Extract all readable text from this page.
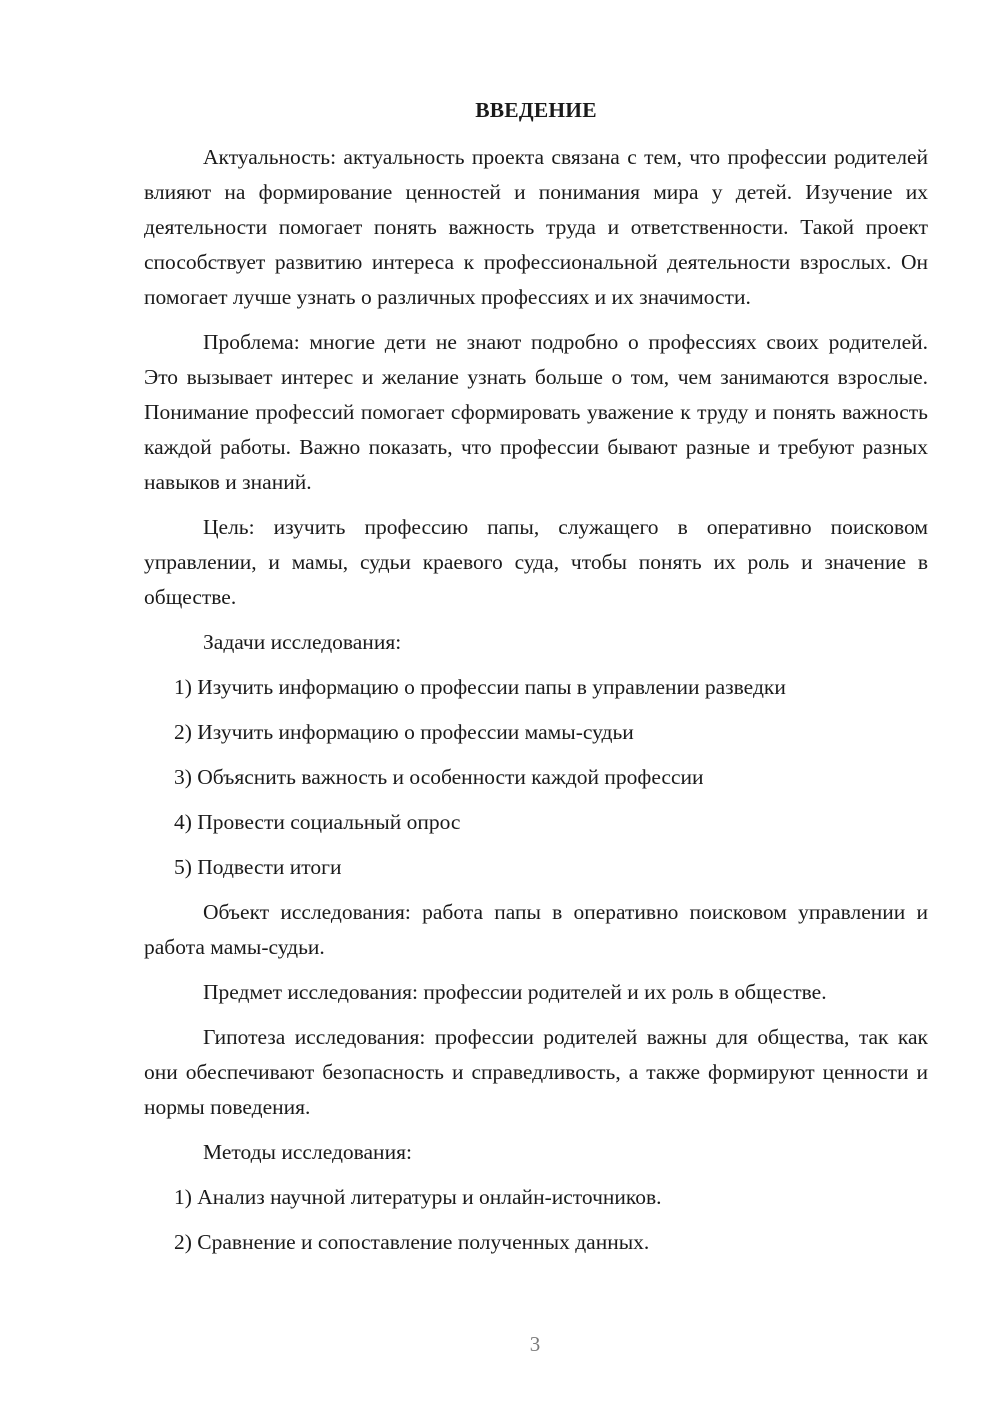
ВВЕДЕНИЕ

Актуальность: актуальность проекта связана с тем, что профессии родителей влияют на формирование ценностей и понимания мира у детей. Изучение их деятельности помогает понять важность труда и ответственности. Такой проект способствует развитию интереса к профессиональной деятельности взрослых. Он помогает лучше узнать о различных профессиях и их значимости.

Проблема: многие дети не знают подробно о профессиях своих родителей. Это вызывает интерес и желание узнать больше о том, чем занимаются взрослые. Понимание профессий помогает сформировать уважение к труду и понять важность каждой работы. Важно показать, что профессии бывают разные и требуют разных навыков и знаний.

Цель: изучить профессию папы, служащего в оперативно поисковом управлении, и мамы, судьи краевого суда, чтобы понять их роль и значение в обществе.

Задачи исследования:

1) Изучить информацию о профессии папы в управлении разведки

2) Изучить информацию о профессии мамы-судьи

3) Объяснить важность и особенности каждой профессии

4) Провести социальный опрос

5) Подвести итоги

Объект исследования: работа папы в оперативно поисковом управлении и работа мамы-судьи.

Предмет исследования: профессии родителей и их роль в обществе.

Гипотеза исследования: профессии родителей важны для общества, так как они обеспечивают безопасность и справедливость, а также формируют ценности и нормы поведения.

Методы исследования:

1) Анализ научной литературы и онлайн-источников.

2) Сравнение и сопоставление полученных данных.

3
